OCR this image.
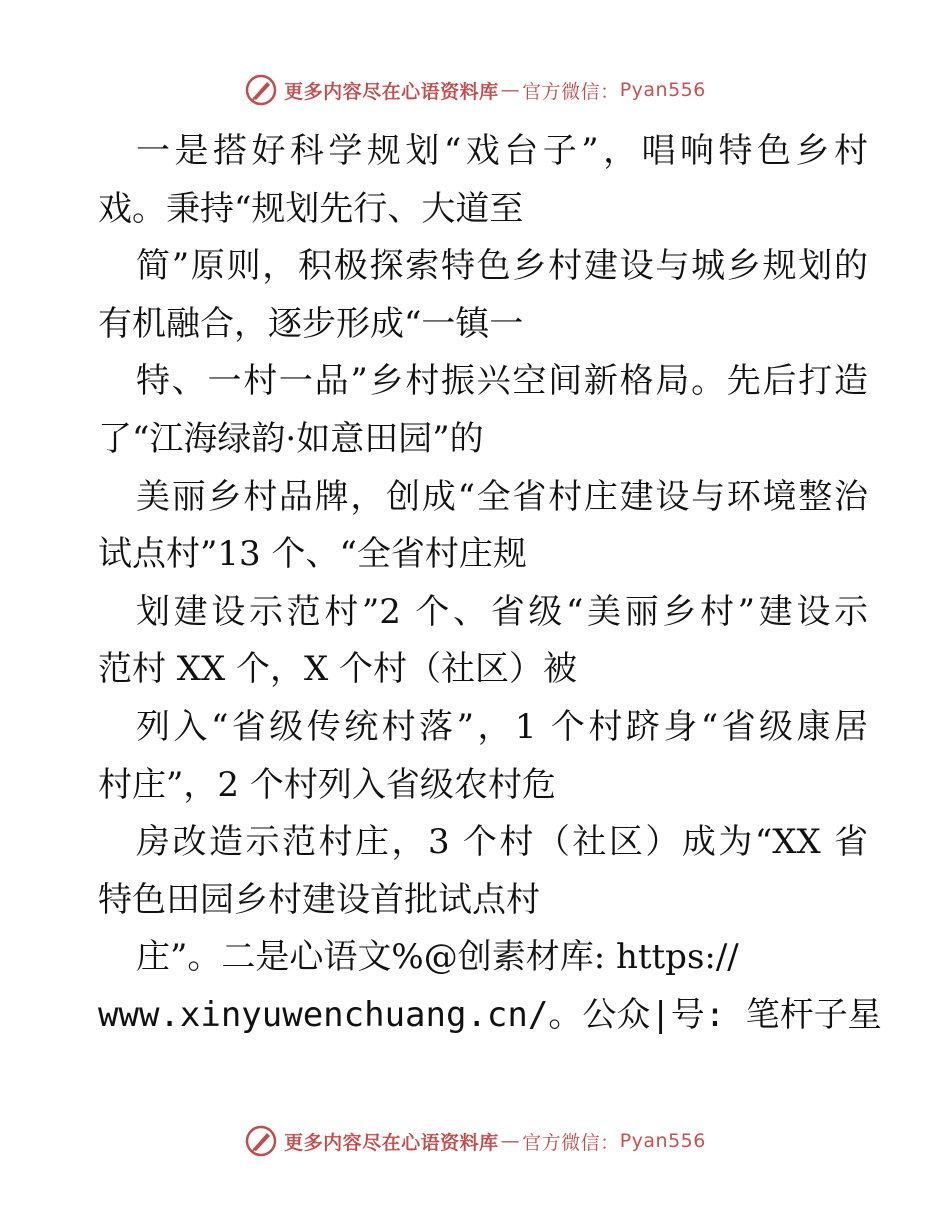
更多内容尽在心语资料库 — 官方微信： Pyan556
一是搭好科学规划“戏台子”，唱响特色乡村
戏。秉持“规划先行、大道至
简”原则，积极探索特色乡村建设与城乡规划的
有机融合，逐步形成“一镇一
特、一村一品”乡村振兴空间新格局。先后打造
了“江海绿韵·如意田园”的
美丽乡村品牌，创成“全省村庄建设与环境整治
试点村”13 个、“全省村庄规
划建设示范村”2 个、省级“美丽乡村”建设示
范村 XX 个，X 个村（社区）被
列入“省级传统村落”，1 个村跻身“省级康居
村庄”，2 个村列入省级农村危
房改造示范村庄，3 个村（社区）成为“XX 省
特色田园乡村建设首批试点村
庄”。二是心语文%@创素材库: https://
www.xinyuwenchuang.cn/。公众|号: 笔杆子星
更多内容尽在心语资料库 — 官方微信： Pyan556
